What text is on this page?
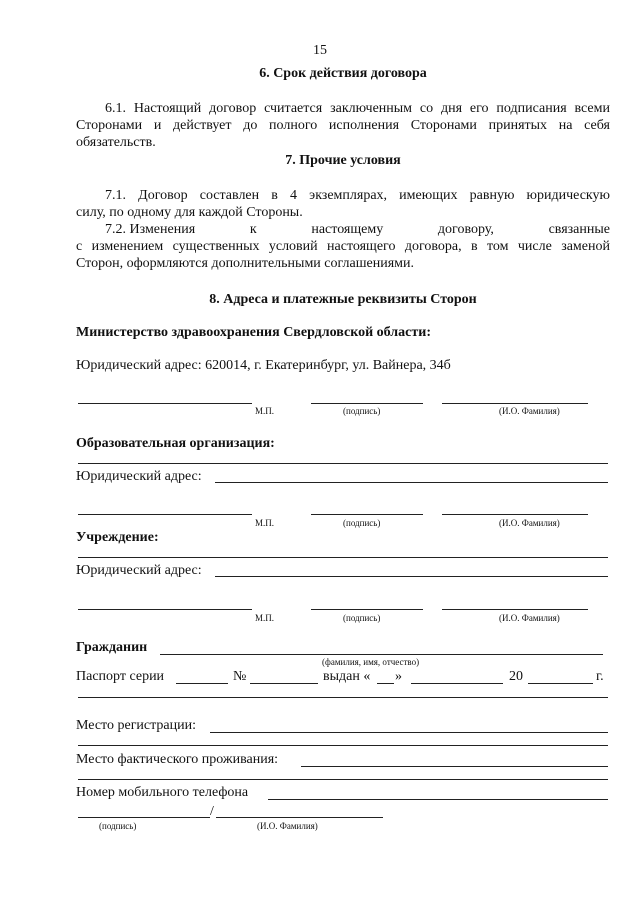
15
6. Срок действия договора
6.1. Настоящий договор считается заключенным со дня его подписания всеми
Сторонами и действует до полного исполнения Сторонами принятых на себя
обязательств.
7. Прочие условия
7.1. Договор составлен в 4 экземплярах, имеющих равную юридическую
силу, по одному для каждой Стороны.
7.2. Изменения	к	настоящему	договору,	связанные
с изменением существенных условий настоящего договора, в том числе заменой
Сторон, оформляются дополнительными соглашениями.
8. Адреса и платежные реквизиты Сторон
Министерство здравоохранения Свердловской области:
Юридический адрес: 620014, г. Екатеринбург, ул. Вайнера, 34б
М.П.	(подпись)	(И.О. Фамилия)
Образовательная организация:
Юридический адрес:
М.П.	(подпись)	(И.О. Фамилия)
Учреждение:
Юридический адрес:
М.П.	(подпись)	(И.О. Фамилия)
Гражданин
(фамилия, имя, отчество)
Паспорт серии	№	выдан « »	20	г.
Место регистрации:
Место фактического проживания:
Номер мобильного телефона
/
(подпись)	(И.О. Фамилия)
